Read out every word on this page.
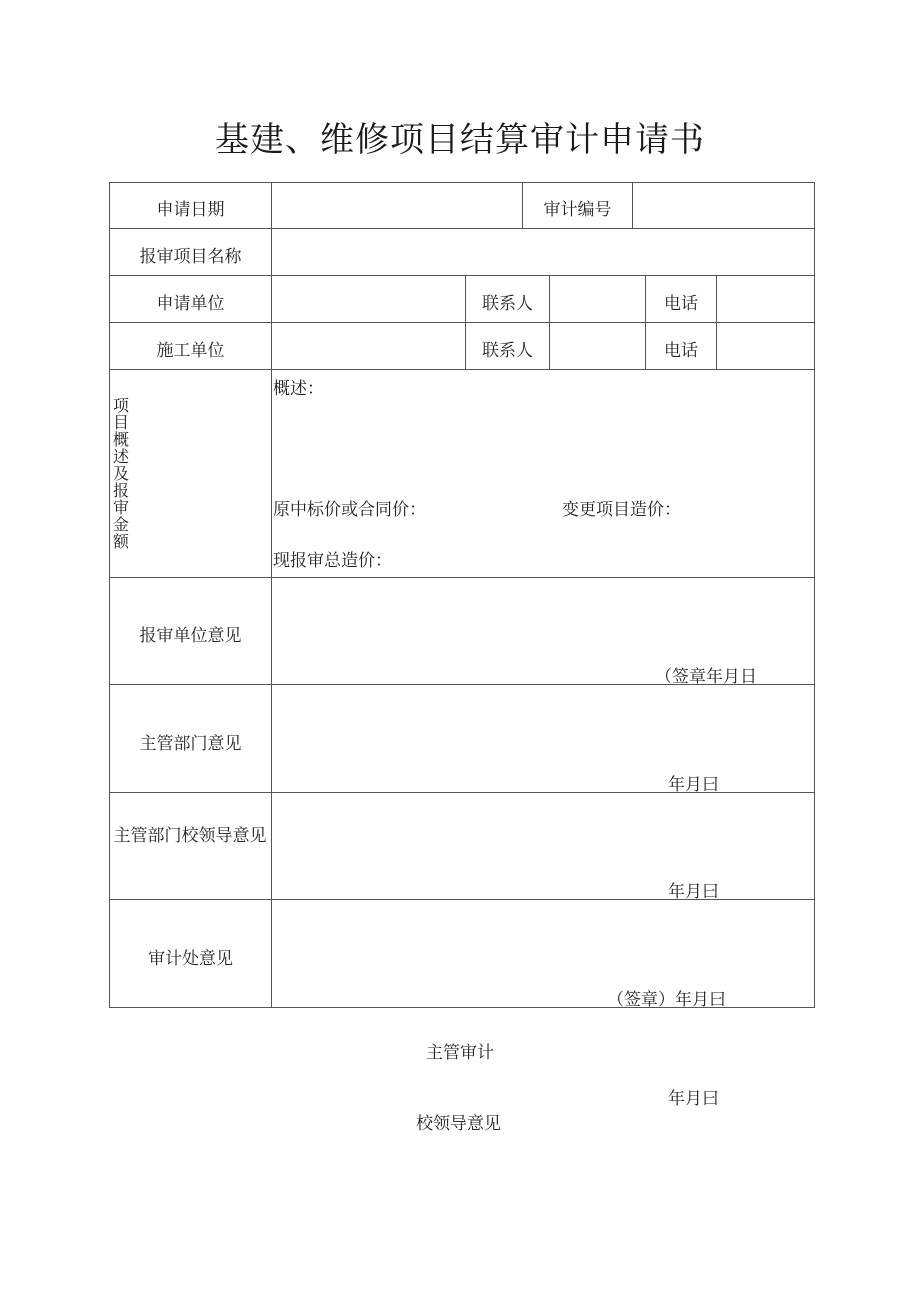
基建、维修项目结算审计申请书
申请日期	审计编号
报审项目名称
申请单位	联系人	电话
施工单位	联系人	电话
项目概述及报审金额
概述：
原中标价或合同价：	变更项目造价：
现报审总造价：
报审单位意见
（签章年月日
主管部门意见
年月曰
主管部门校领导意见
年月曰
审计处意见
（签章）年月曰
主管审计
年月曰
校领导意见
